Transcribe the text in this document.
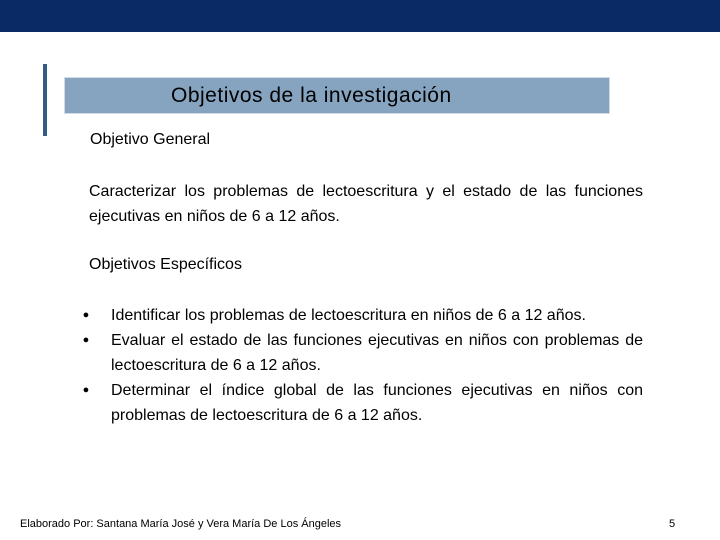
Objetivos de la investigación
Objetivo General
Caracterizar los problemas de lectoescritura y el estado de las funciones ejecutivas en niños de 6 a 12 años.
Objetivos Específicos
● Identificar los problemas de lectoescritura en niños de 6 a 12 años.
● Evaluar el estado de las funciones ejecutivas en niños con problemas de lectoescritura de 6 a 12 años.
● Determinar el índice global de las funciones ejecutivas en niños con problemas de lectoescritura de 6 a 12 años.
Elaborado Por: Santana María José y Vera María De Los Ángeles	5
